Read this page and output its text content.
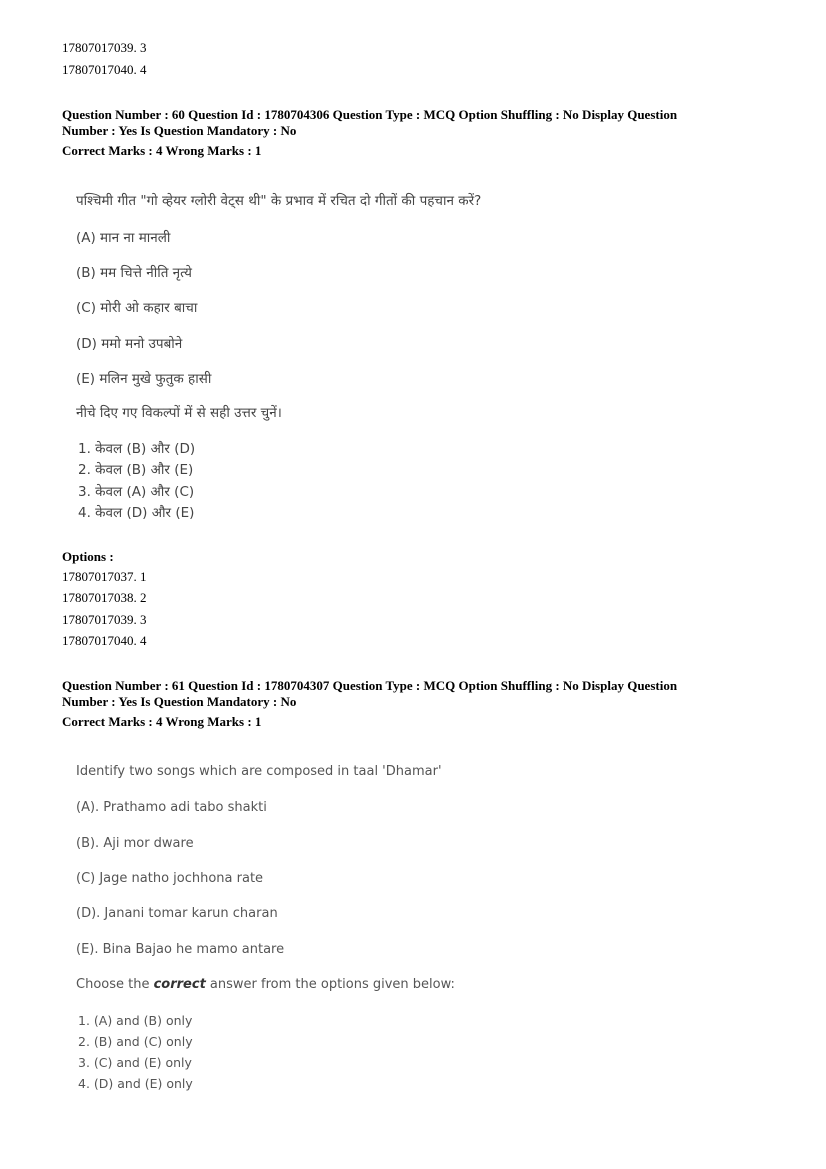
17807017039. 3
17807017040. 4
Question Number : 60 Question Id : 1780704306 Question Type : MCQ Option Shuffling : No Display Question
Number : Yes Is Question Mandatory : No
Correct Marks : 4 Wrong Marks : 1
पश्चिमी गीत "गो व्हेयर ग्लोरी वेट्स थी" के प्रभाव में रचित दो गीतों की पहचान करें?
(A) मान ना मानली
(B) मम चित्ते नीति नृत्ये
(C) मोरी ओ कहार बाचा
(D) ममो मनो उपबोने
(E) मलिन मुखे फुतुक हासी
नीचे दिए गए विकल्पों में से सही उत्तर चुनें।
1. केवल (B) और (D)
2. केवल (B) और (E)
3. केवल (A) और (C)
4. केवल (D) और (E)
Options :
17807017037. 1
17807017038. 2
17807017039. 3
17807017040. 4
Question Number : 61 Question Id : 1780704307 Question Type : MCQ Option Shuffling : No Display Question
Number : Yes Is Question Mandatory : No
Correct Marks : 4 Wrong Marks : 1
Identify two songs which are composed in taal 'Dhamar'
(A). Prathamo adi tabo shakti
(B). Aji mor dware
(C) Jage natho jochhona rate
(D). Janani tomar karun charan
(E). Bina Bajao he mamo antare
Choose the correct answer from the options given below:
1. (A) and (B) only
2. (B) and (C) only
3. (C) and (E) only
4. (D) and (E) only
